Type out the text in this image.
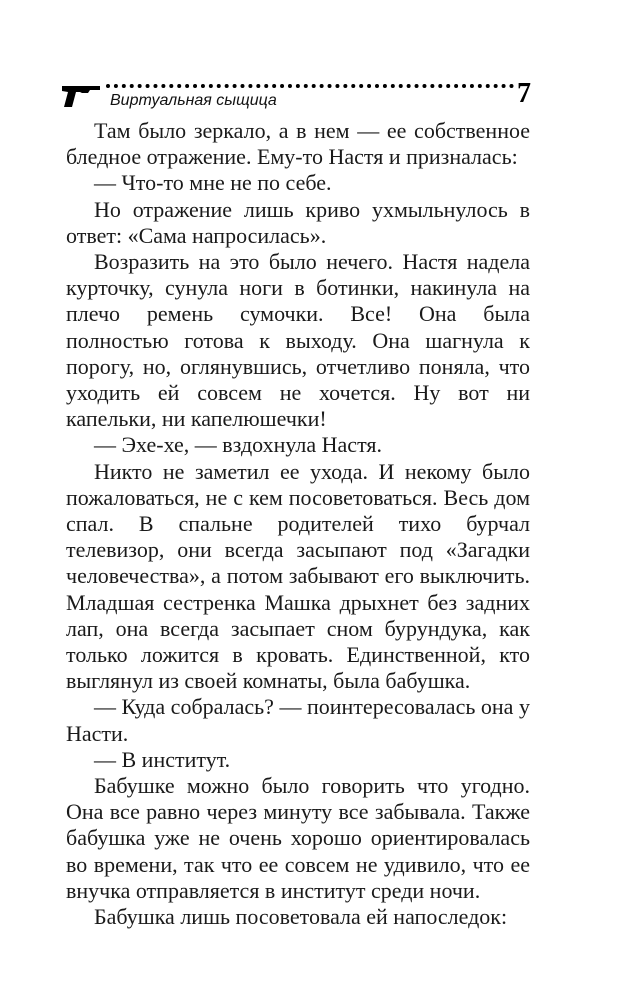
Виртуальная сыщица	7

Там было зеркало, а в нем — ее собственное бледное отражение. Ему-то Настя и призналась:

— Что-то мне не по себе.

Но отражение лишь криво ухмыльнулось в ответ: «Сама напросилась».

Возразить на это было нечего. Настя надела курточку, сунула ноги в ботинки, накинула на плечо ремень сумочки. Все! Она была полностью готова к выходу. Она шагнула к порогу, но, оглянувшись, отчетливо поняла, что уходить ей совсем не хочется. Ну вот ни капельки, ни капелюшечки!

— Эхе-хе, — вздохнула Настя.

Никто не заметил ее ухода. И некому было пожаловаться, не с кем посоветоваться. Весь дом спал. В спальне родителей тихо бурчал телевизор, они всегда засыпают под «Загадки человечества», а потом забывают его выключить. Младшая сестренка Машка дрыхнет без задних лап, она всегда засыпает сном бурундука, как только ложится в кровать. Единственной, кто выглянул из своей комнаты, была бабушка.

— Куда собралась? — поинтересовалась она у Насти.

— В институт.

Бабушке можно было говорить что угодно. Она все равно через минуту все забывала. Также бабушка уже не очень хорошо ориентировалась во времени, так что ее совсем не удивило, что ее внучка отправляется в институт среди ночи.

Бабушка лишь посоветовала ей напоследок:
